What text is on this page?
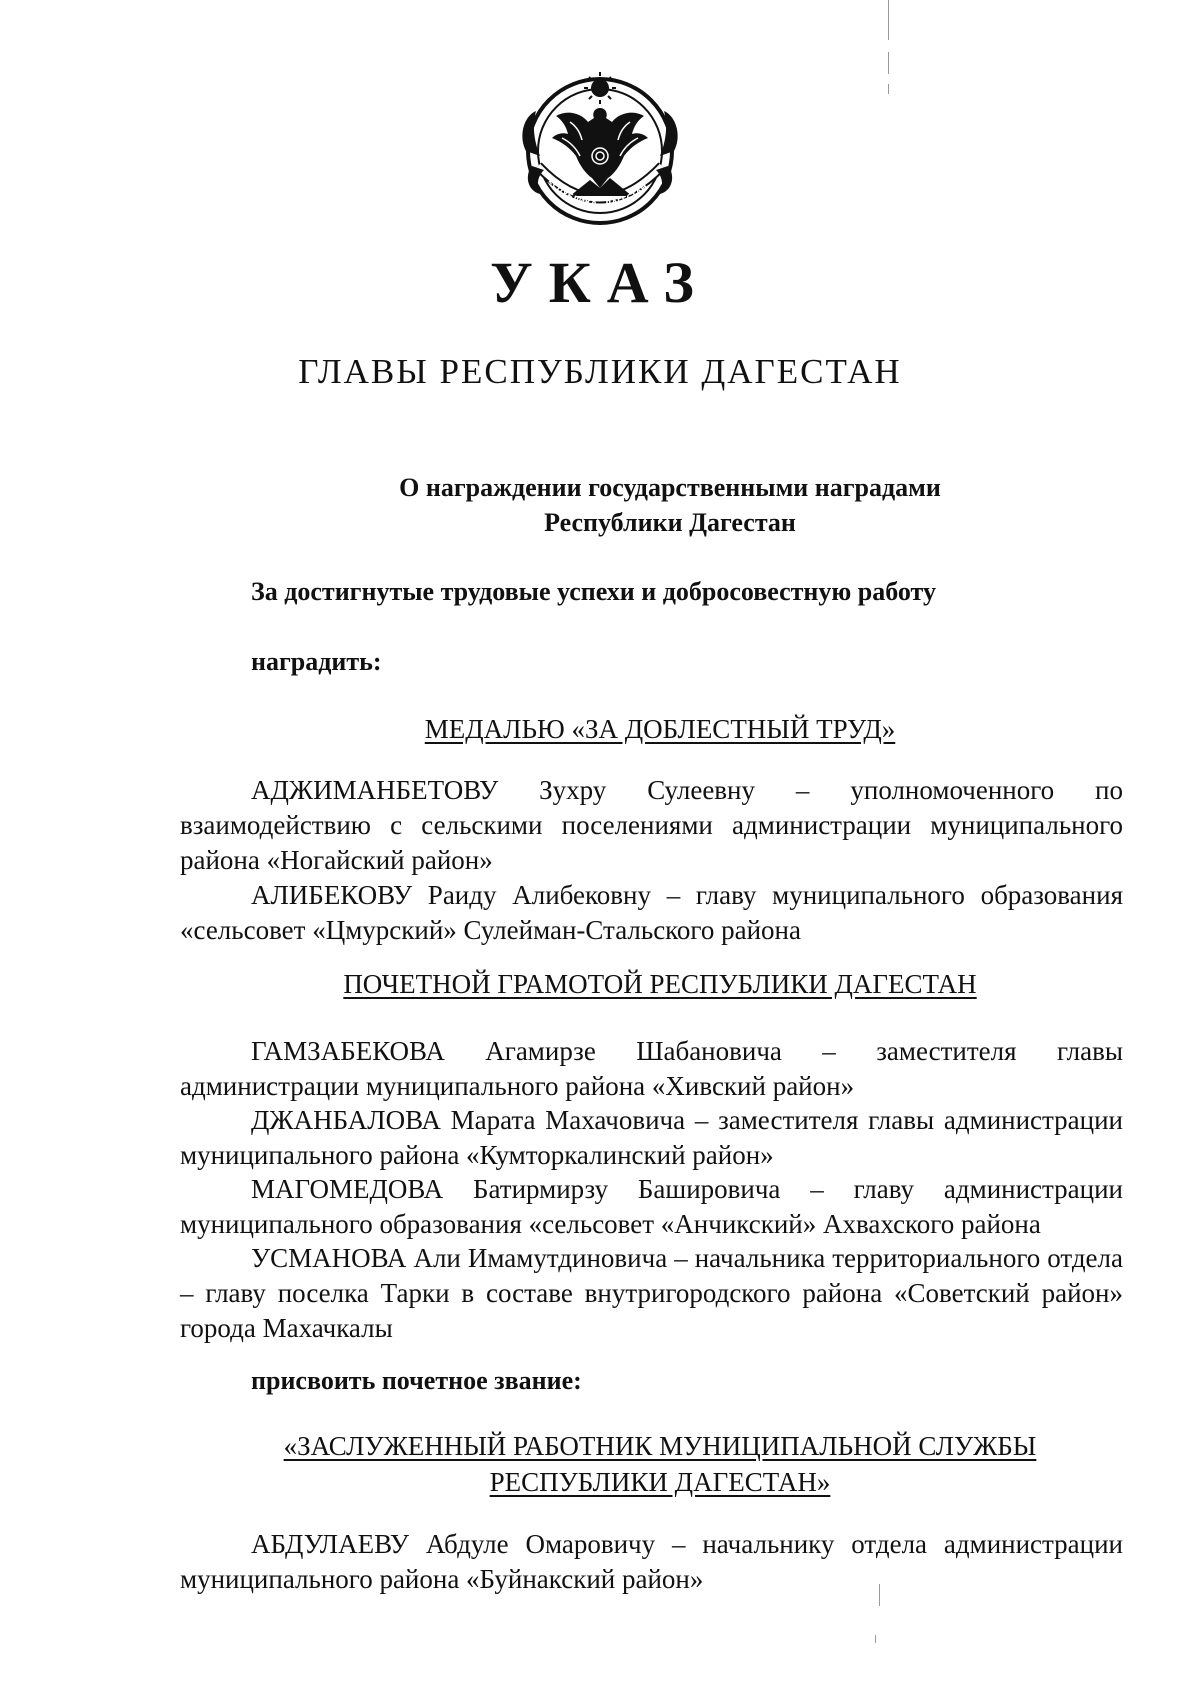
РЕСПУБЛИКА ДАГЕСТАН
УКАЗ
ГЛАВЫ РЕСПУБЛИКИ ДАГЕСТАН
О награждении государственными наградами
Республики Дагестан
За достигнутые трудовые успехи и добросовестную работу
наградить:
МЕДАЛЬЮ «ЗА ДОБЛЕСТНЫЙ ТРУД»

АДЖИМАНБЕТОВУ Зухру Сулеевну – уполномоченного по взаимодействию с сельскими поселениями администрации муниципального района «Ногайский район»

АЛИБЕКОВУ Раиду Алибековну – главу муниципального образования «сельсовет «Цмурский» Сулейман-Стальского района

ПОЧЕТНОЙ ГРАМОТОЙ РЕСПУБЛИКИ ДАГЕСТАН

ГАМЗАБЕКОВА Агамирзе Шабановича – заместителя главы администрации муниципального района «Хивский район»

ДЖАНБАЛОВА Марата Махачовича – заместителя главы администрации муниципального района «Кумторкалинский район»

МАГОМЕДОВА Батирмирзу Башировича – главу администрации муниципального образования «сельсовет «Анчикский» Ахвахского района

УСМАНОВА Али Имамутдиновича – начальника территориального отдела – главу поселка Тарки в составе внутригородского района «Советский район» города Махачкалы

присвоить почетное звание:
«ЗАСЛУЖЕННЫЙ РАБОТНИК МУНИЦИПАЛЬНОЙ СЛУЖБЫ
РЕСПУБЛИКИ ДАГЕСТАН»

АБДУЛАЕВУ Абдуле Омаровичу – начальнику отдела администрации муниципального района «Буйнакский район»
